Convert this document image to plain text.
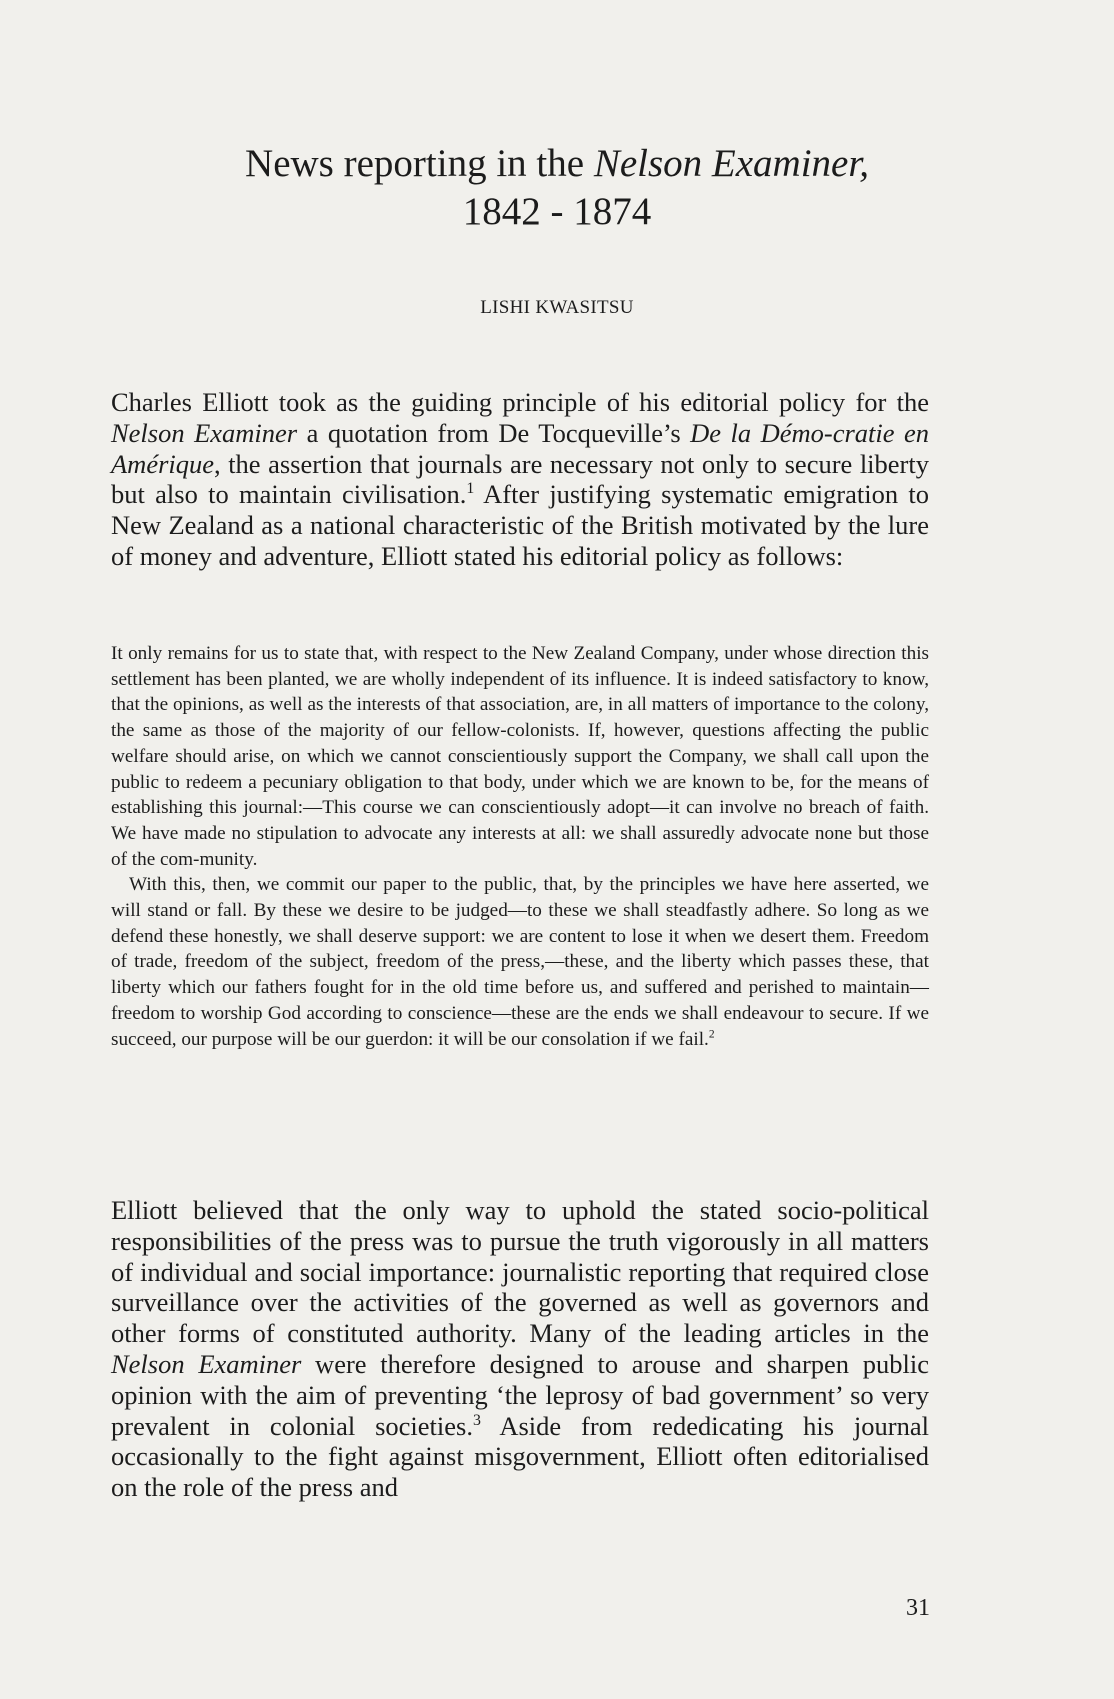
News reporting in the Nelson Examiner,
1842 - 1874
LISHI KWASITSU

Charles Elliott took as the guiding principle of his editorial policy for the Nelson Examiner a quotation from De Tocqueville’s De la Démo-cratie en Amérique, the assertion that journals are necessary not only to secure liberty but also to maintain civilisation.$^1$ After justifying systematic emigration to New Zealand as a national characteristic of the British motivated by the lure of money and adventure, Elliott stated his editorial policy as follows:

It only remains for us to state that, with respect to the New Zealand Company, under whose direction this settlement has been planted, we are wholly independent of its influence. It is indeed satisfactory to know, that the opinions, as well as the interests of that association, are, in all matters of importance to the colony, the same as those of the majority of our fellow-colonists. If, however, questions affecting the public welfare should arise, on which we cannot conscientiously support the Company, we shall call upon the public to redeem a pecuniary obligation to that body, under which we are known to be, for the means of establishing this journal:—This course we can conscientiously adopt—it can involve no breach of faith. We have made no stipulation to advocate any interests at all: we shall assuredly advocate none but those of the com-munity.

With this, then, we commit our paper to the public, that, by the principles we have here asserted, we will stand or fall. By these we desire to be judged—to these we shall steadfastly adhere. So long as we defend these honestly, we shall deserve support: we are content to lose it when we desert them. Freedom of trade, freedom of the subject, freedom of the press,—these, and the liberty which passes these, that liberty which our fathers fought for in the old time before us, and suffered and perished to maintain—freedom to worship God according to conscience—these are the ends we shall endeavour to secure. If we succeed, our purpose will be our guerdon: it will be our consolation if we fail.$^2$

Elliott believed that the only way to uphold the stated socio-political responsibilities of the press was to pursue the truth vigorously in all matters of individual and social importance: journalistic reporting that required close surveillance over the activities of the governed as well as governors and other forms of constituted authority. Many of the leading articles in the Nelson Examiner were therefore designed to arouse and sharpen public opinion with the aim of preventing ‘the leprosy of bad government’ so very prevalent in colonial societies.$^3$ Aside from rededicating his journal occasionally to the fight against misgovernment, Elliott often editorialised on the role of the press and

31
